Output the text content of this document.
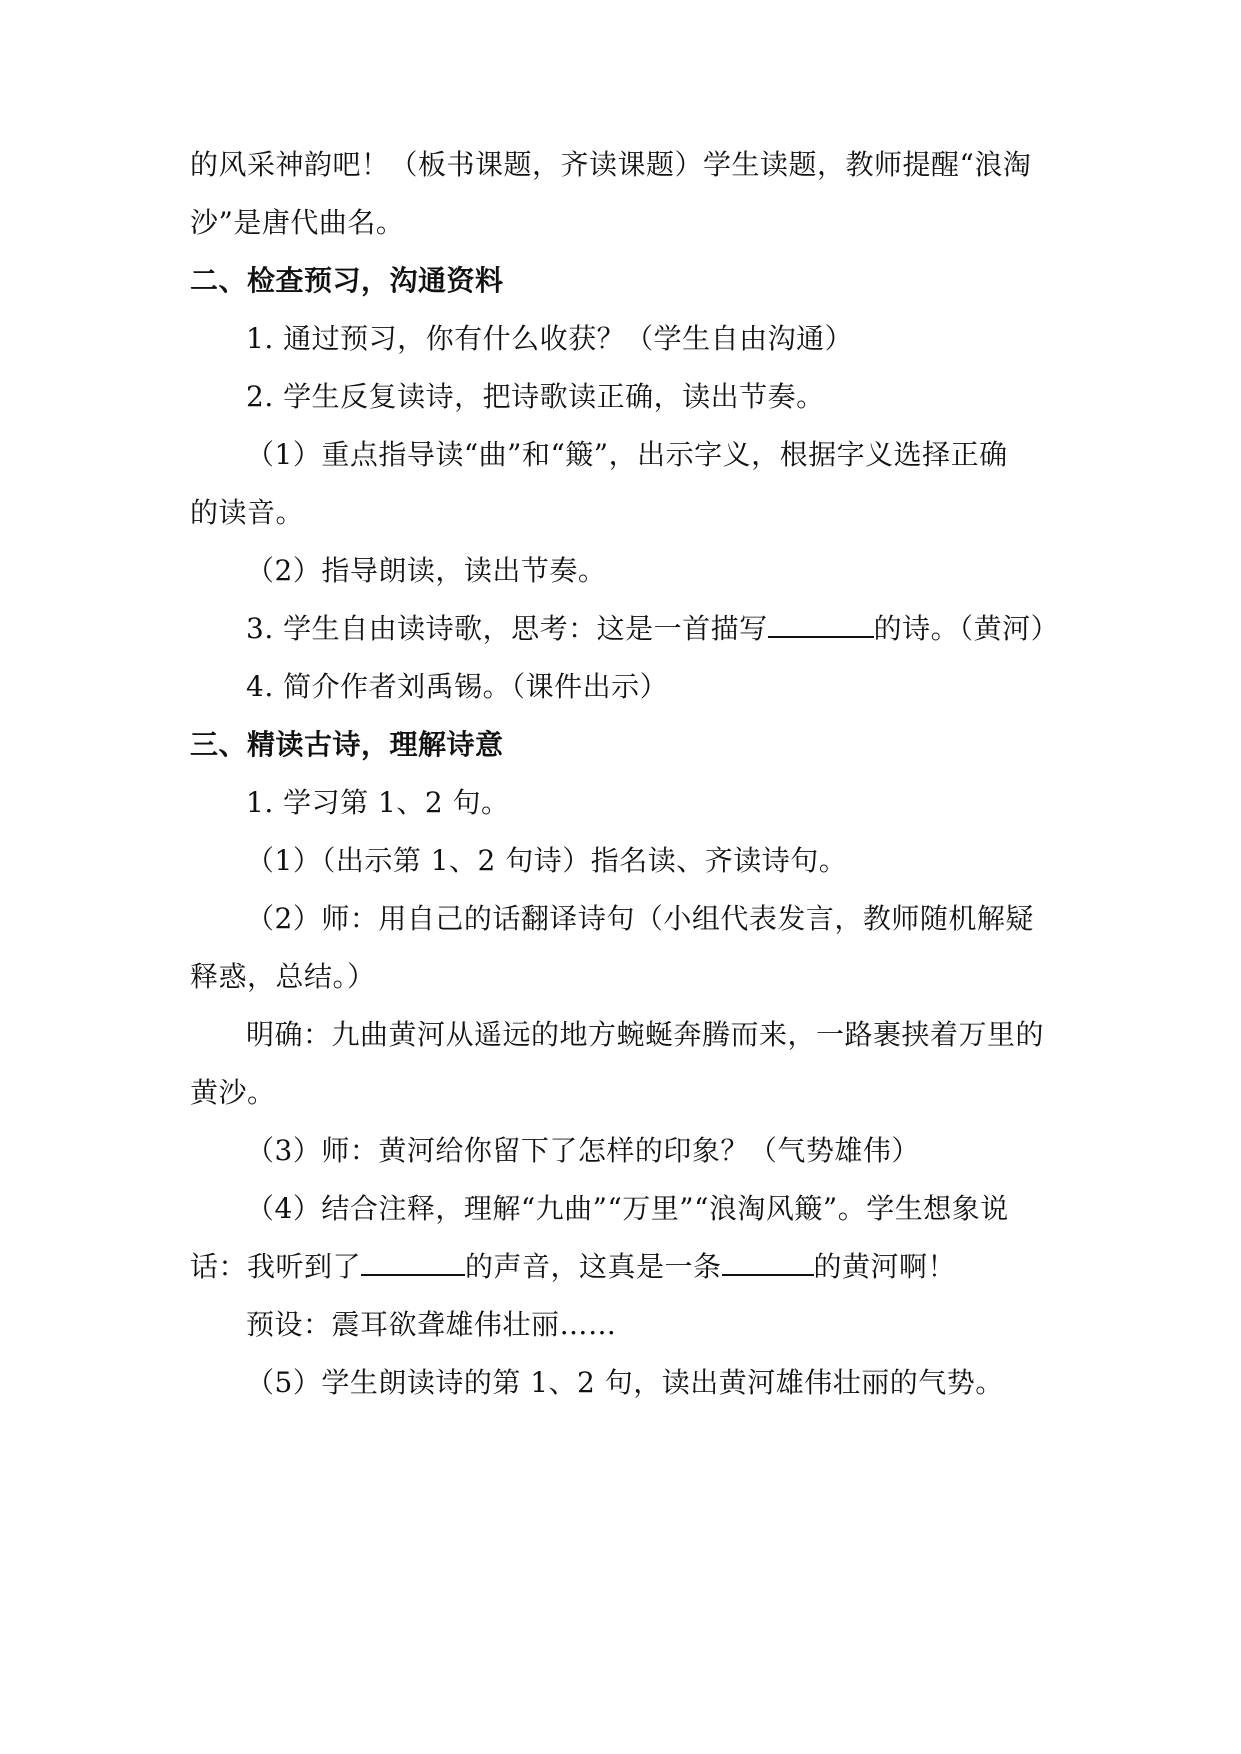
的风采神韵吧！（板书课题，齐读课题）学生读题，教师提醒“浪淘
沙”是唐代曲名。
二、检查预习，沟通资料
1. 通过预习，你有什么收获？（学生自由沟通）
2. 学生反复读诗，把诗歌读正确，读出节奏。
（1）重点指导读“曲”和“簸”，出示字义，根据字义选择正确
的读音。
（2）指导朗读，读出节奏。
3. 学生自由读诗歌，思考：这是一首描写	的诗。（黄河）
4. 简介作者刘禹锡。（课件出示）
三、精读古诗，理解诗意
1. 学习第 1、2 句。
（1）（出示第 1、2 句诗）指名读、齐读诗句。
（2）师：用自己的话翻译诗句（小组代表发言，教师随机解疑
释惑，总结。）
明确：九曲黄河从遥远的地方蜿蜒奔腾而来，一路裹挟着万里的
黄沙。
（3）师：黄河给你留下了怎样的印象？（气势雄伟）
（4）结合注释，理解“九曲”“万里”“浪淘风簸”。学生想象说
话：我听到了	的声音，这真是一条	的黄河啊！
预设：震耳欲聋雄伟壮丽……
（5）学生朗读诗的第 1、2 句，读出黄河雄伟壮丽的气势。
